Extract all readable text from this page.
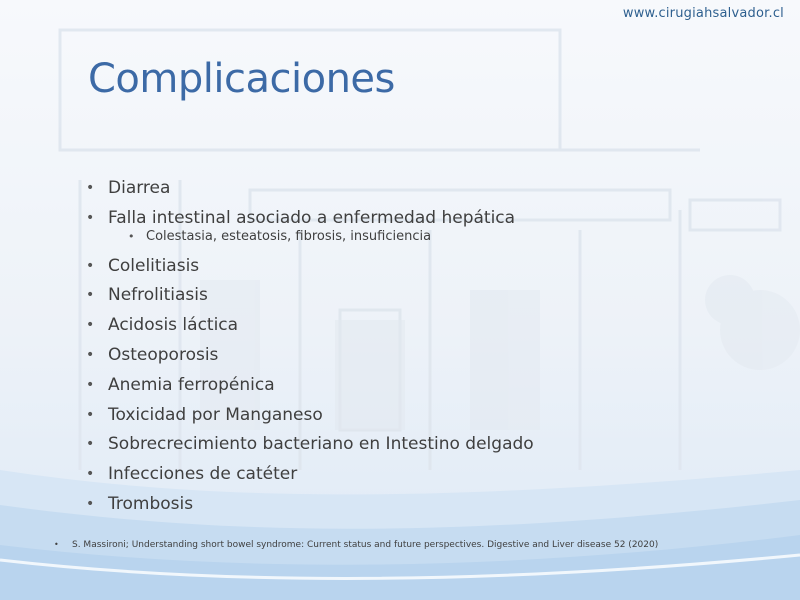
www.cirugiahsalvador.cl
Complicaciones
• Diarrea
• Falla intestinal asociado a enfermedad hepática
• Colestasia, esteatosis, fibrosis, insuficiencia
• Colelitiasis
• Nefrolitiasis
• Acidosis láctica
• Osteoporosis
• Anemia ferropénica
• Toxicidad por Manganeso
• Sobrecrecimiento bacteriano en Intestino delgado
• Infecciones de catéter
• Trombosis
• S. Massironi; Understanding short bowel syndrome: Current status and future perspectives. Digestive and Liver disease 52 (2020)
